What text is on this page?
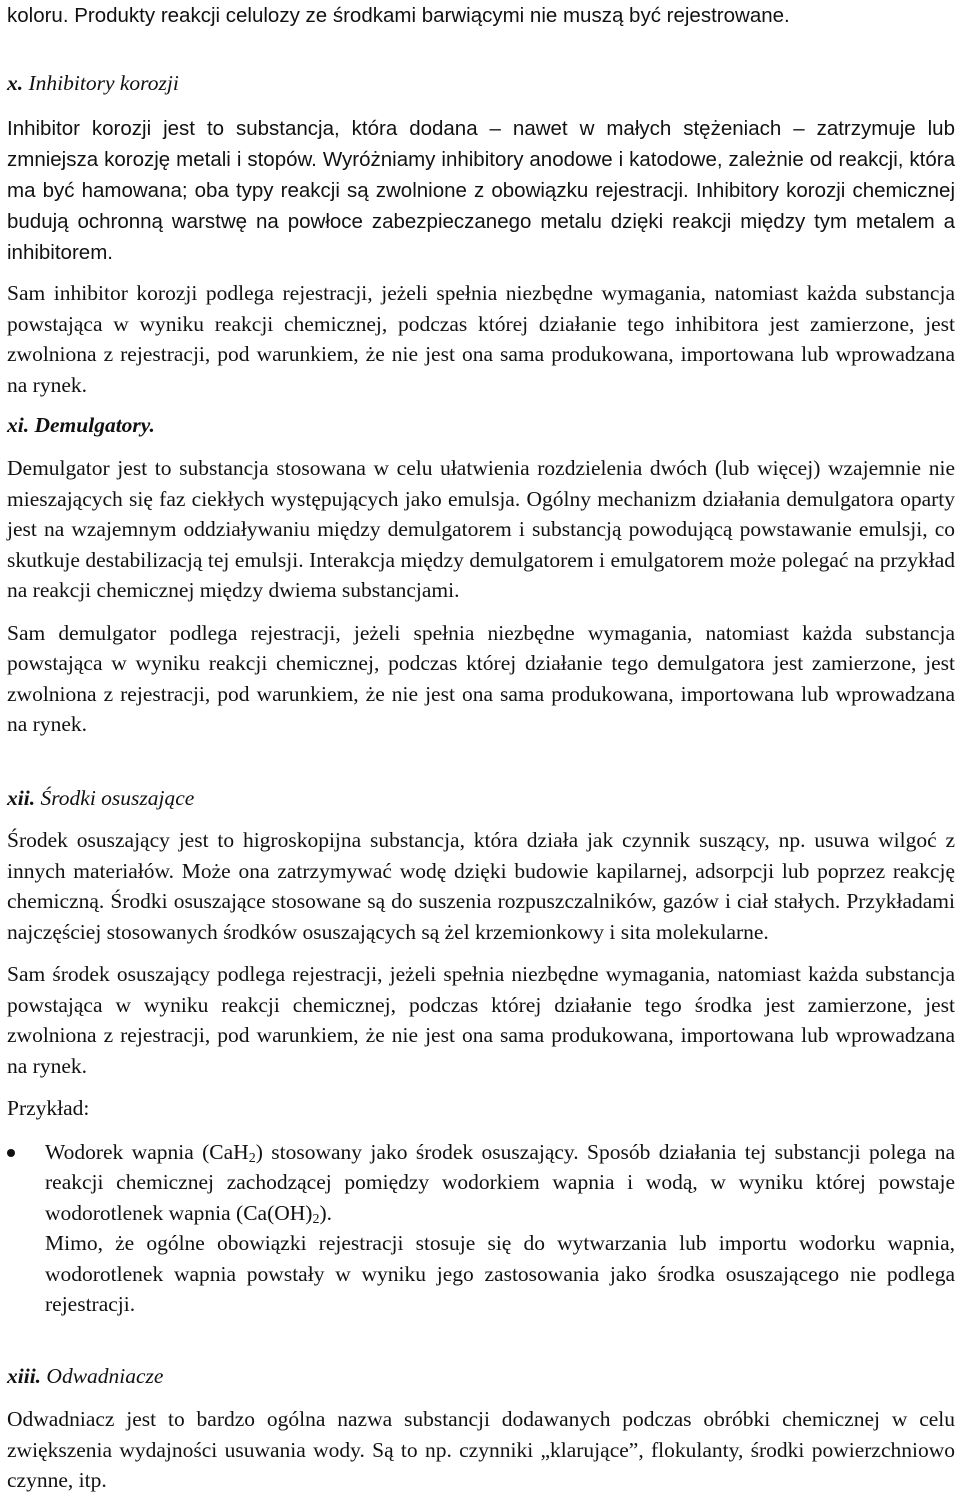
koloru. Produkty reakcji celulozy ze środkami barwiącymi nie muszą być rejestrowane.

x. Inhibitory korozji

Inhibitor korozji jest to substancja, która dodana – nawet w małych stężeniach – zatrzymuje lub zmniejsza korozję metali i stopów. Wyróżniamy inhibitory anodowe i katodowe, zależnie od reakcji, która ma być hamowana; oba typy reakcji są zwolnione z obowiązku rejestracji. Inhibitory korozji chemicznej budują ochronną warstwę na powłoce zabezpieczanego metalu dzięki reakcji między tym metalem a inhibitorem.

Sam inhibitor korozji podlega rejestracji, jeżeli spełnia niezbędne wymagania, natomiast każda substancja powstająca w wyniku reakcji chemicznej, podczas której działanie tego inhibitora jest zamierzone, jest zwolniona z rejestracji, pod warunkiem, że nie jest ona sama produkowana, importowana lub wprowadzana na rynek.

xi. Demulgatory.

Demulgator jest to substancja stosowana w celu ułatwienia rozdzielenia dwóch (lub więcej) wzajemnie nie mieszających się faz ciekłych występujących jako emulsja. Ogólny mechanizm działania demulgatora oparty jest na wzajemnym oddziaływaniu między demulgatorem i substancją powodującą powstawanie emulsji, co skutkuje destabilizacją tej emulsji. Interakcja między demulgatorem i emulgatorem może polegać na przykład na reakcji chemicznej między dwiema substancjami.

Sam demulgator podlega rejestracji, jeżeli spełnia niezbędne wymagania, natomiast każda substancja powstająca w wyniku reakcji chemicznej, podczas której działanie tego demulgatora jest zamierzone, jest zwolniona z rejestracji, pod warunkiem, że nie jest ona sama produkowana, importowana lub wprowadzana na rynek.

xii. Środki osuszające

Środek osuszający jest to higroskopijna substancja, która działa jak czynnik suszący, np. usuwa wilgoć z innych materiałów. Może ona zatrzymywać wodę dzięki budowie kapilarnej, adsorpcji lub poprzez reakcję chemiczną. Środki osuszające stosowane są do suszenia rozpuszczalników, gazów i ciał stałych. Przykładami najczęściej stosowanych środków osuszających są żel krzemionkowy i sita molekularne.

Sam środek osuszający podlega rejestracji, jeżeli spełnia niezbędne wymagania, natomiast każda substancja powstająca w wyniku reakcji chemicznej, podczas której działanie tego środka jest zamierzone, jest zwolniona z rejestracji, pod warunkiem, że nie jest ona sama produkowana, importowana lub wprowadzana na rynek.

Przykład:

Wodorek wapnia (CaH$_2$) stosowany jako środek osuszający. Sposób działania tej substancji polega na reakcji chemicznej zachodzącej pomiędzy wodorkiem wapnia i wodą, w wyniku której powstaje wodorotlenek wapnia $(Ca(OH)_2)$.

Mimo, że ogólne obowiązki rejestracji stosuje się do wytwarzania lub importu wodorku wapnia, wodorotlenek wapnia powstały w wyniku jego zastosowania jako środka osuszającego nie podlega rejestracji.

xiii. Odwadniacze

Odwadniacz jest to bardzo ogólna nazwa substancji dodawanych podczas obróbki chemicznej w celu zwiększenia wydajności usuwania wody. Są to np. czynniki „klarujące”, flokulanty, środki powierzchniowo czynne, itp.
